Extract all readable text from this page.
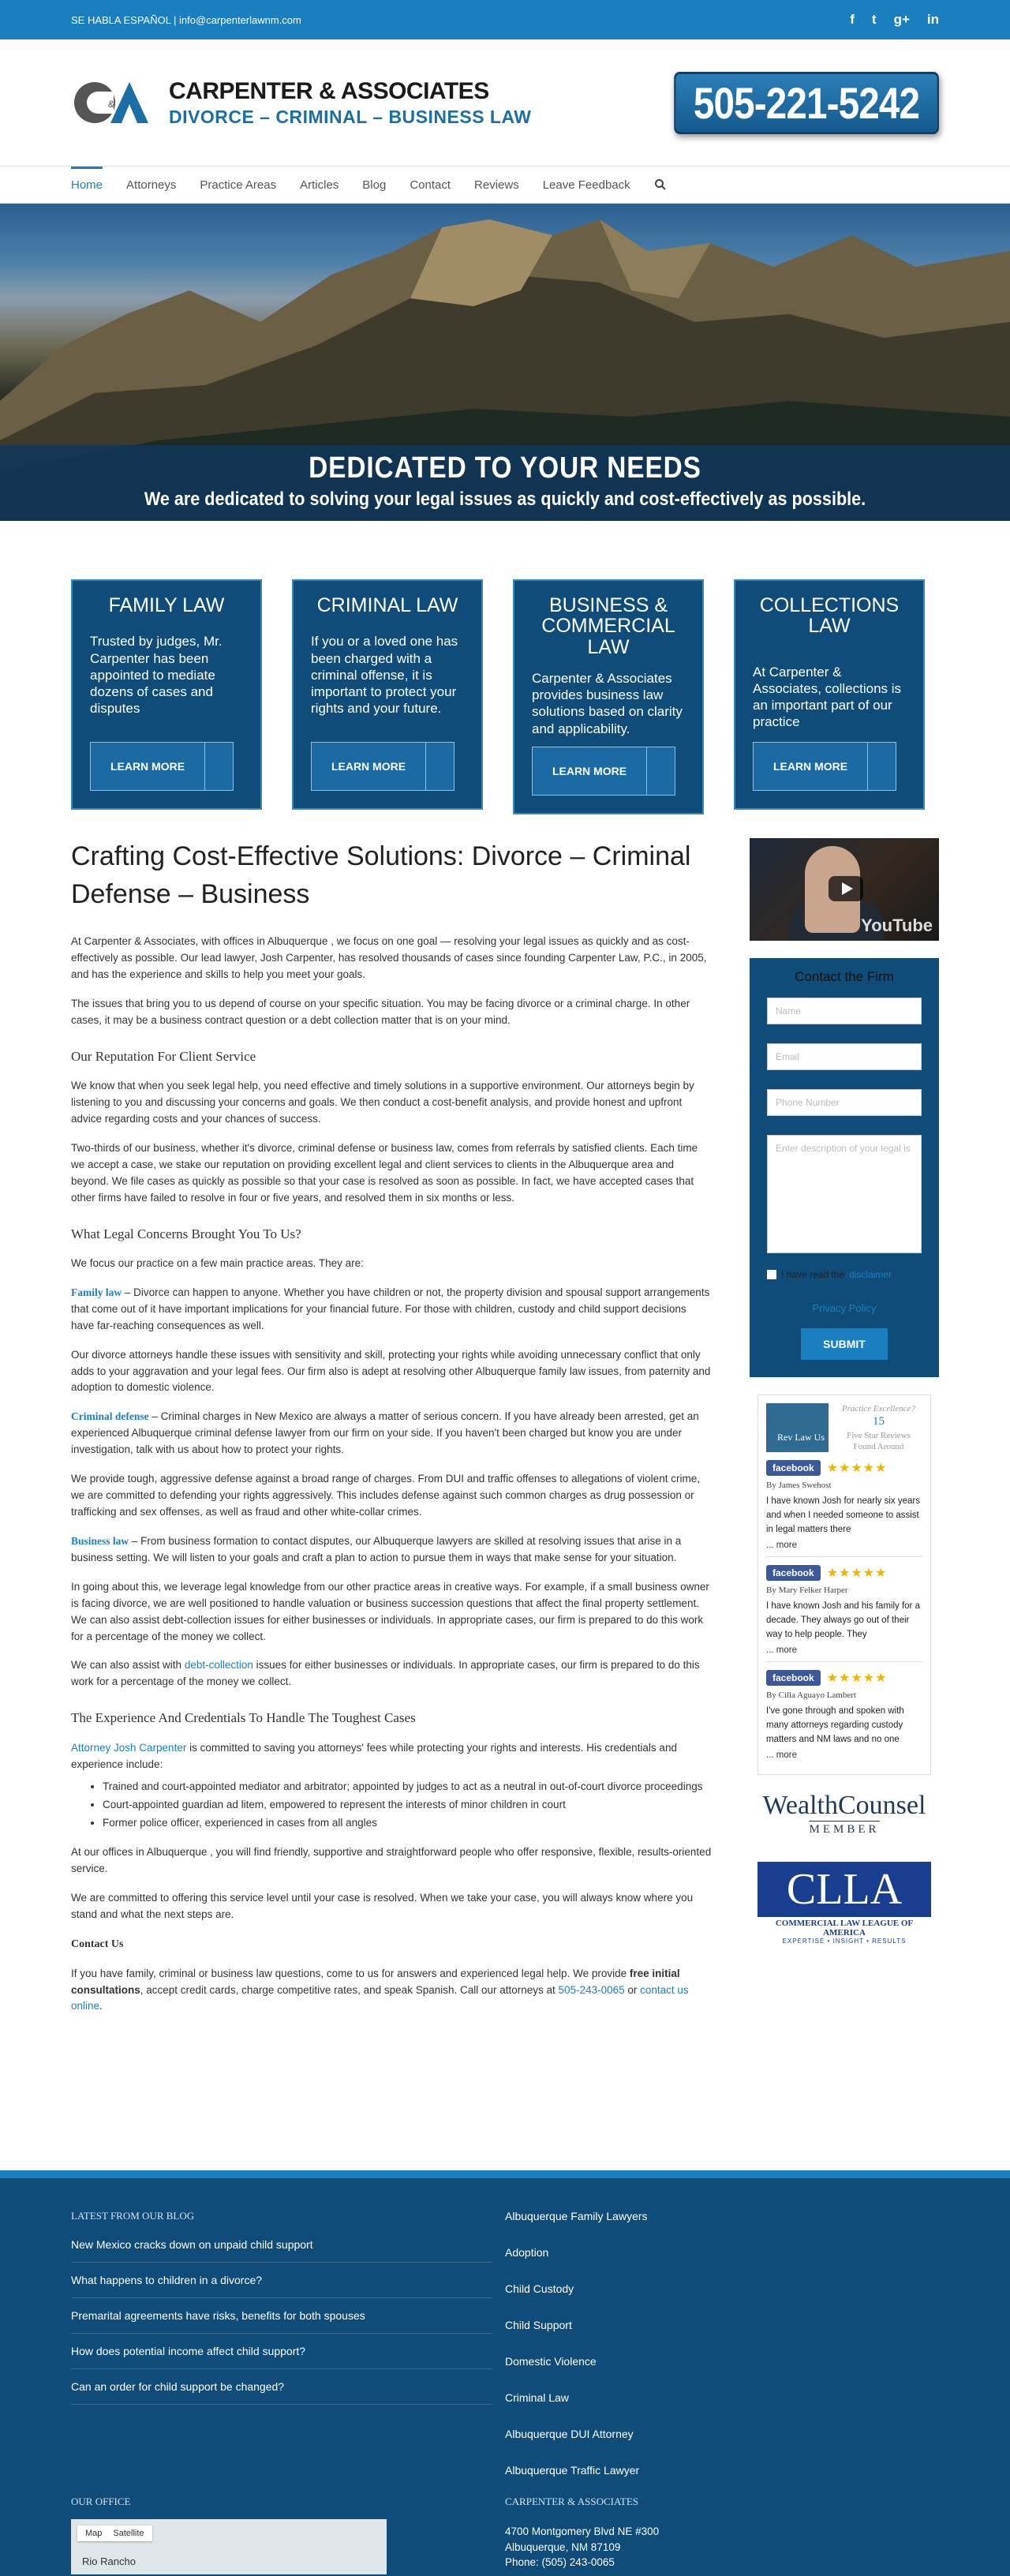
SE HABLA ESPAÑOL | info@carpenterlawnm.com	f t g+ in
&
CARPENTER & ASSOCIATES
DIVORCE – CRIMINAL – BUSINESS LAW	505-221-5242
Home Attorneys Practice Areas Articles Blog Contact Reviews Leave Feedback
DEDICATED TO YOUR NEEDS
We are dedicated to solving your legal issues as quickly and cost-effectively as possible.
FAMILY LAW
Trusted by judges, Mr. Carpenter has been appointed to mediate dozens of cases and disputes
LEARN MORE
CRIMINAL LAW
If you or a loved one has been charged with a criminal offense, it is important to protect your rights and your future.
LEARN MORE
BUSINESS & COMMERCIAL LAW
Carpenter & Associates provides business law solutions based on clarity and applicability.
LEARN MORE
COLLECTIONS LAW
At Carpenter & Associates, collections is an important part of our practice
LEARN MORE
Crafting Cost-Effective Solutions: Divorce – Criminal Defense – Business

At Carpenter & Associates, with offices in Albuquerque , we focus on one goal — resolving your legal issues as quickly and as cost-effectively as possible. Our lead lawyer, Josh Carpenter, has resolved thousands of cases since founding Carpenter Law, P.C., in 2005, and has the experience and skills to help you meet your goals.

The issues that bring you to us depend of course on your specific situation. You may be facing divorce or a criminal charge. In other cases, it may be a business contract question or a debt collection matter that is on your mind.

Our Reputation For Client Service

We know that when you seek legal help, you need effective and timely solutions in a supportive environment. Our attorneys begin by listening to you and discussing your concerns and goals. We then conduct a cost-benefit analysis, and provide honest and upfront advice regarding costs and your chances of success.

Two-thirds of our business, whether it's divorce, criminal defense or business law, comes from referrals by satisfied clients. Each time we accept a case, we stake our reputation on providing excellent legal and client services to clients in the Albuquerque area and beyond. We file cases as quickly as possible so that your case is resolved as soon as possible. In fact, we have accepted cases that other firms have failed to resolve in four or five years, and resolved them in six months or less.

What Legal Concerns Brought You To Us?

We focus our practice on a few main practice areas. They are:

Family law – Divorce can happen to anyone. Whether you have children or not, the property division and spousal support arrangements that come out of it have important implications for your financial future. For those with children, custody and child support decisions have far-reaching consequences as well.

Our divorce attorneys handle these issues with sensitivity and skill, protecting your rights while avoiding unnecessary conflict that only adds to your aggravation and your legal fees. Our firm also is adept at resolving other Albuquerque family law issues, from paternity and adoption to domestic violence.

Criminal defense – Criminal charges in New Mexico are always a matter of serious concern. If you have already been arrested, get an experienced Albuquerque criminal defense lawyer from our firm on your side. If you haven't been charged but know you are under investigation, talk with us about how to protect your rights.

We provide tough, aggressive defense against a broad range of charges. From DUI and traffic offenses to allegations of violent crime, we are committed to defending your rights aggressively. This includes defense against such common charges as drug possession or trafficking and sex offenses, as well as fraud and other white-collar crimes.

Business law – From business formation to contact disputes, our Albuquerque lawyers are skilled at resolving issues that arise in a business setting. We will listen to your goals and craft a plan to action to pursue them in ways that make sense for your situation.

In going about this, we leverage legal knowledge from our other practice areas in creative ways. For example, if a small business owner is facing divorce, we are well positioned to handle valuation or business succession questions that affect the final property settlement.

We can also assist debt-collection issues for either businesses or individuals. In appropriate cases, our firm is prepared to do this work for a percentage of the money we collect.

We can also assist with debt-collection issues for either businesses or individuals. In appropriate cases, our firm is prepared to do this work for a percentage of the money we collect.

The Experience And Credentials To Handle The Toughest Cases

Attorney Josh Carpenter is committed to saving you attorneys' fees while protecting your rights and interests. His credentials and experience include:

• Trained and court-appointed mediator and arbitrator; appointed by judges to act as a neutral in out-of-court divorce proceedings
• Court-appointed guardian ad litem, empowered to represent the interests of minor children in court
• Former police officer, experienced in cases from all angles

At our offices in Albuquerque , you will find friendly, supportive and straightforward people who offer responsive, flexible, results-oriented service.

We are committed to offering this service level until your case is resolved. When we take your case, you will always know where you stand and what the next steps are.

Contact Us

If you have family, criminal or business law questions, come to us for answers and experienced legal help. We provide free initial consultations, accept credit cards, charge competitive rates, and speak Spanish. Call our attorneys at 505-243-0065 or contact us online.

YouTube
Contact the Firm
Name
Email
Phone Number
Enter description of your legal is
I have read the disclaimer
Privacy Policy
SUBMIT
Rev Law Us
Practice Excellence?
15
Five Star Reviews Found Around
facebook	★★★★★
By James Swehost
I have known Josh for nearly six years and when I needed someone to assist in legal matters there
... more
facebook	★★★★★
By Mary Felker Harper
I have known Josh and his family for a decade. They always go out of their way to help people. They
... more
facebook	★★★★★
By Cilla Aguayo Lambert
I've gone through and spoken with many attorneys regarding custody matters and NM laws and no one
... more
WealthCounsel
MEMBER
CLLA
COMMERCIAL LAW LEAGUE OF AMERICA
EXPERTISE • INSIGHT • RESULTS
LATEST FROM OUR BLOG
New Mexico cracks down on unpaid child support
What happens to children in a divorce?
Premarital agreements have risks, benefits for both spouses
How does potential income affect child support?
Can an order for child support be changed?
Albuquerque Family Lawyers
Adoption
Child Custody
Child Support
Domestic Violence
Criminal Law
Albuquerque DUI Attorney
Albuquerque Traffic Lawyer
OUR OFFICE
Map Satellite
Rio Rancho
CARPENTER & ASSOCIATES
4700 Montgomery Blvd NE #300
Albuquerque, NM 87109
Phone: (505) 243-0065
